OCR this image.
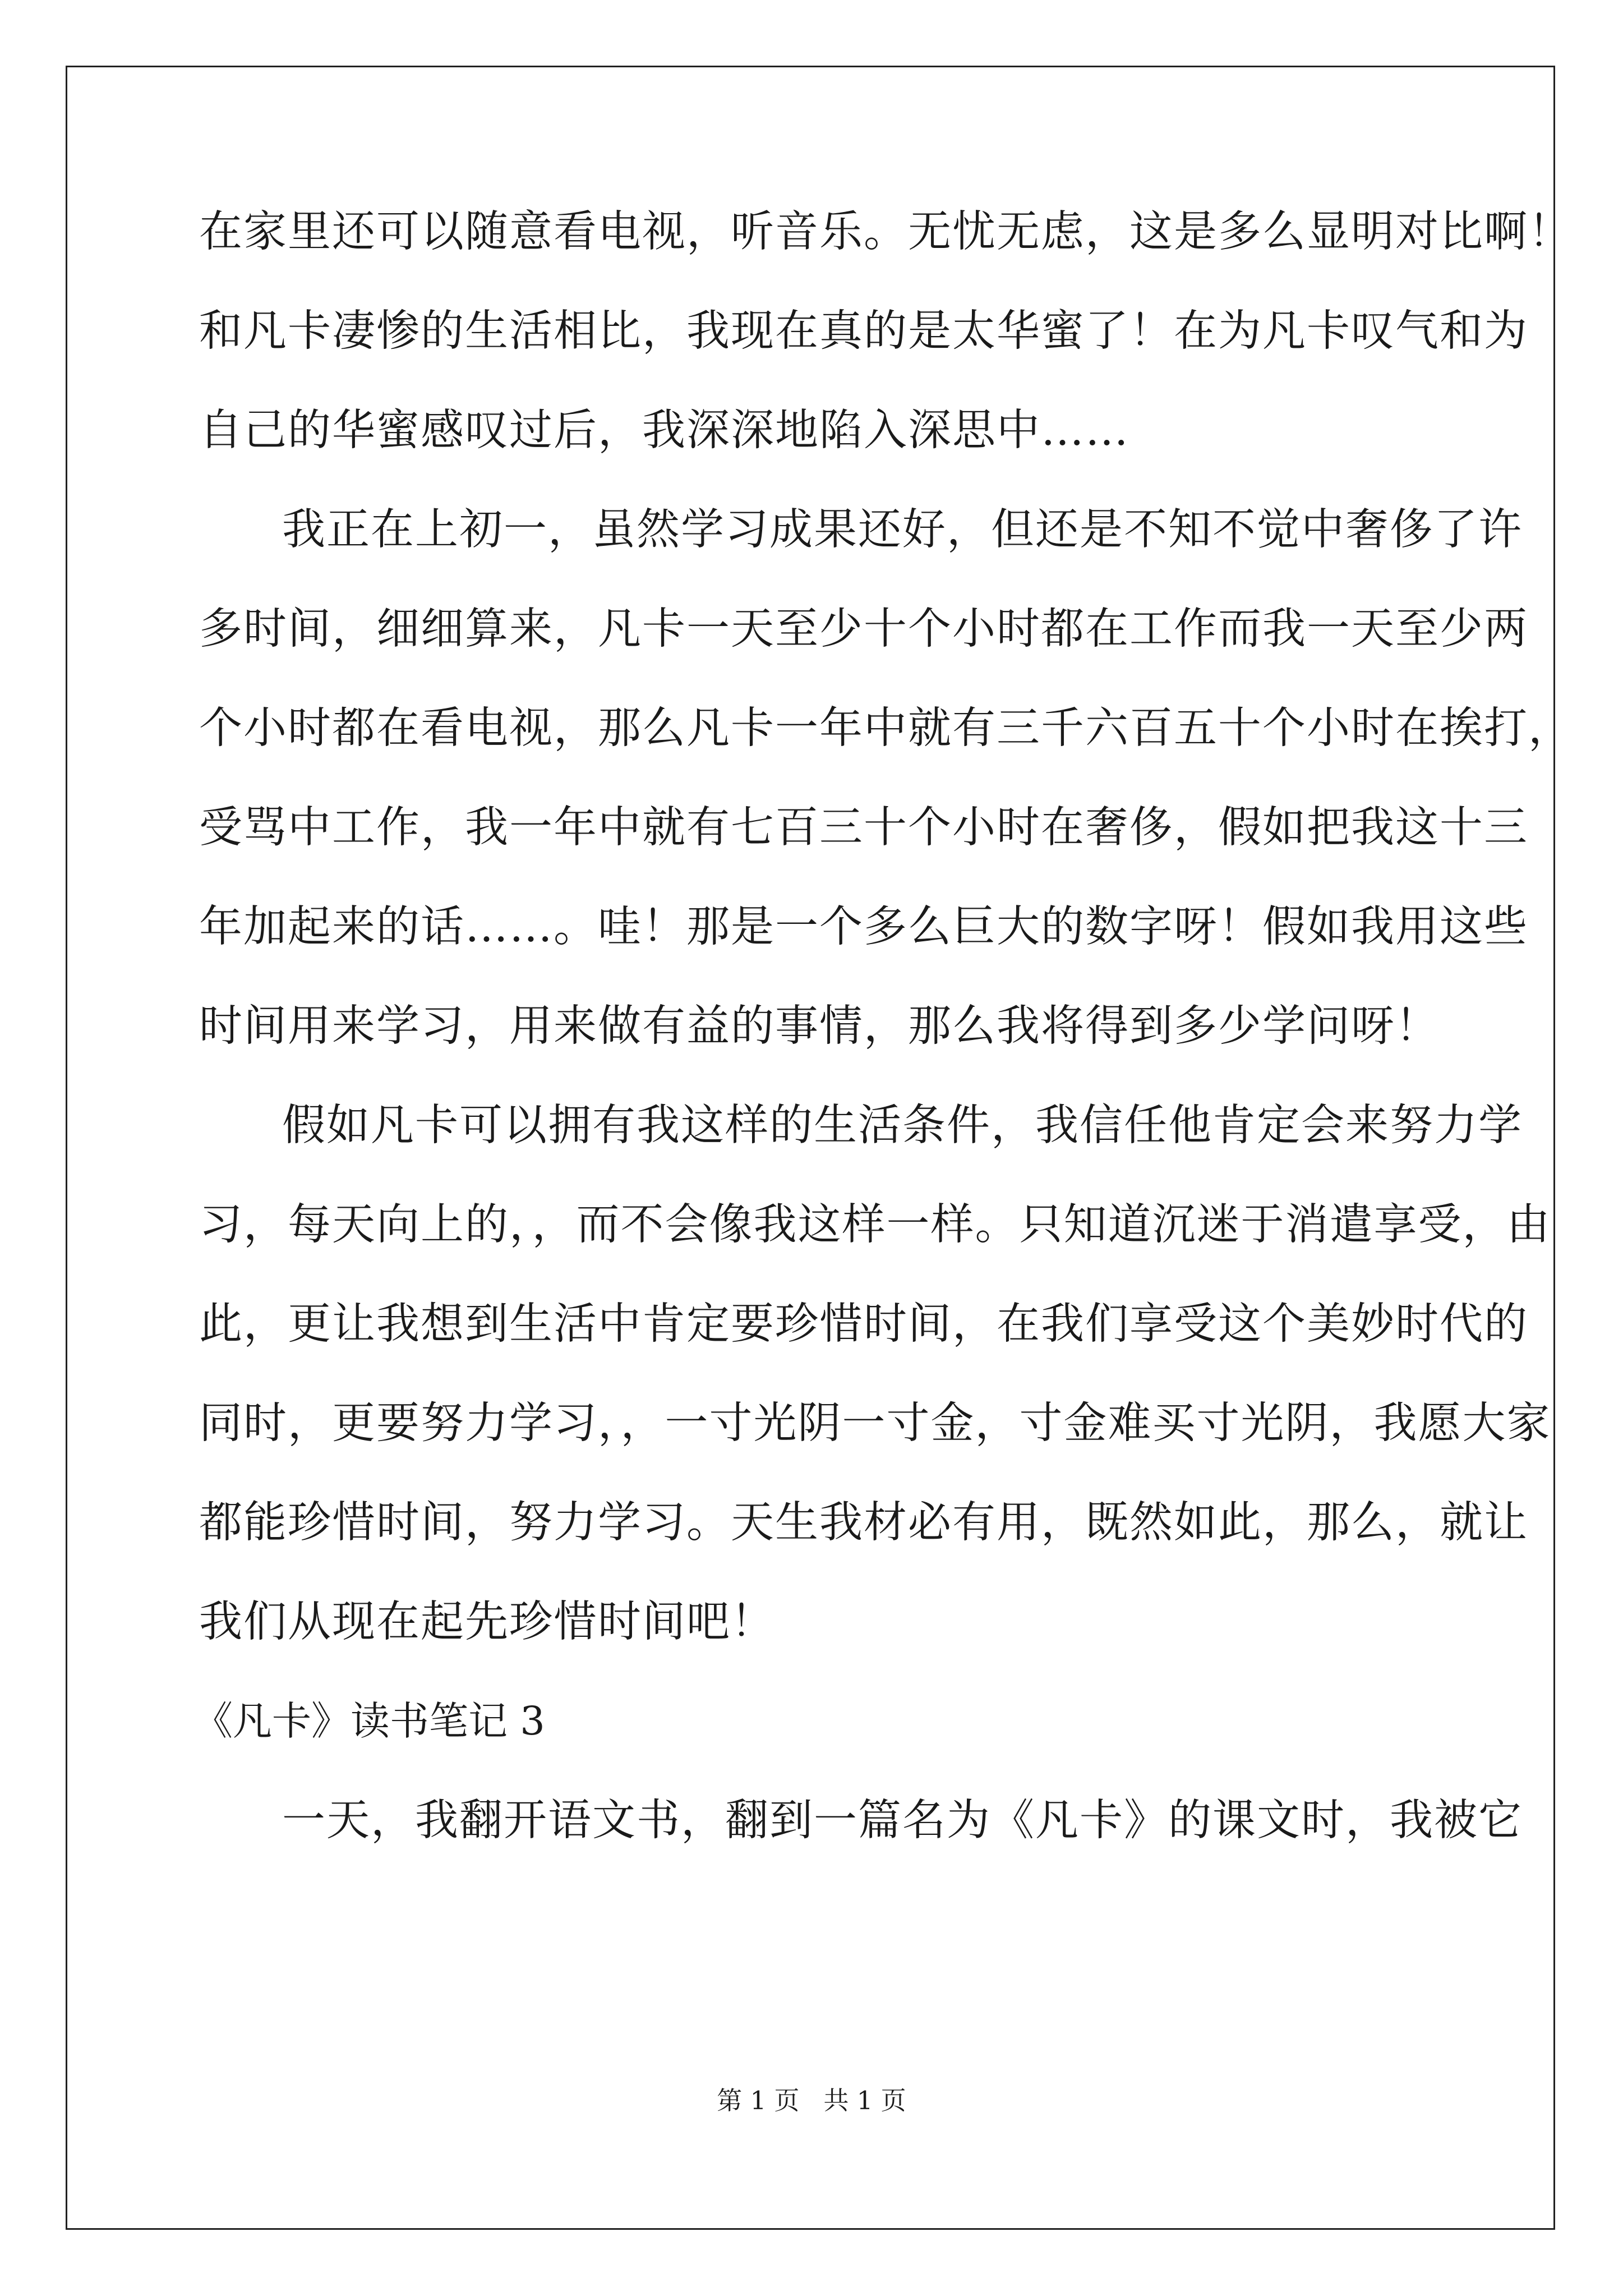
在家里还可以随意看电视，听音乐。无忧无虑，这是多么显明对比啊！
和凡卡凄惨的生活相比，我现在真的是太华蜜了！在为凡卡叹气和为
自己的华蜜感叹过后，我深深地陷入深思中……
我正在上初一，虽然学习成果还好，但还是不知不觉中奢侈了许
多时间，细细算来，凡卡一天至少十个小时都在工作而我一天至少两
个小时都在看电视，那么凡卡一年中就有三千六百五十个小时在挨打，
受骂中工作，我一年中就有七百三十个小时在奢侈，假如把我这十三
年加起来的话……。哇！那是一个多么巨大的数字呀！假如我用这些
时间用来学习，用来做有益的事情，那么我将得到多少学问呀！
假如凡卡可以拥有我这样的生活条件，我信任他肯定会来努力学
习，每天向上的，，而不会像我这样一样。只知道沉迷于消遣享受，由
此，更让我想到生活中肯定要珍惜时间，在我们享受这个美妙时代的
同时，更要努力学习，，一寸光阴一寸金，寸金难买寸光阴，我愿大家
都能珍惜时间，努力学习。天生我材必有用，既然如此，那么，就让
我们从现在起先珍惜时间吧！
《凡卡》读书笔记 3
一天，我翻开语文书，翻到一篇名为《凡卡》的课文时，我被它
第 1 页   共 1 页
